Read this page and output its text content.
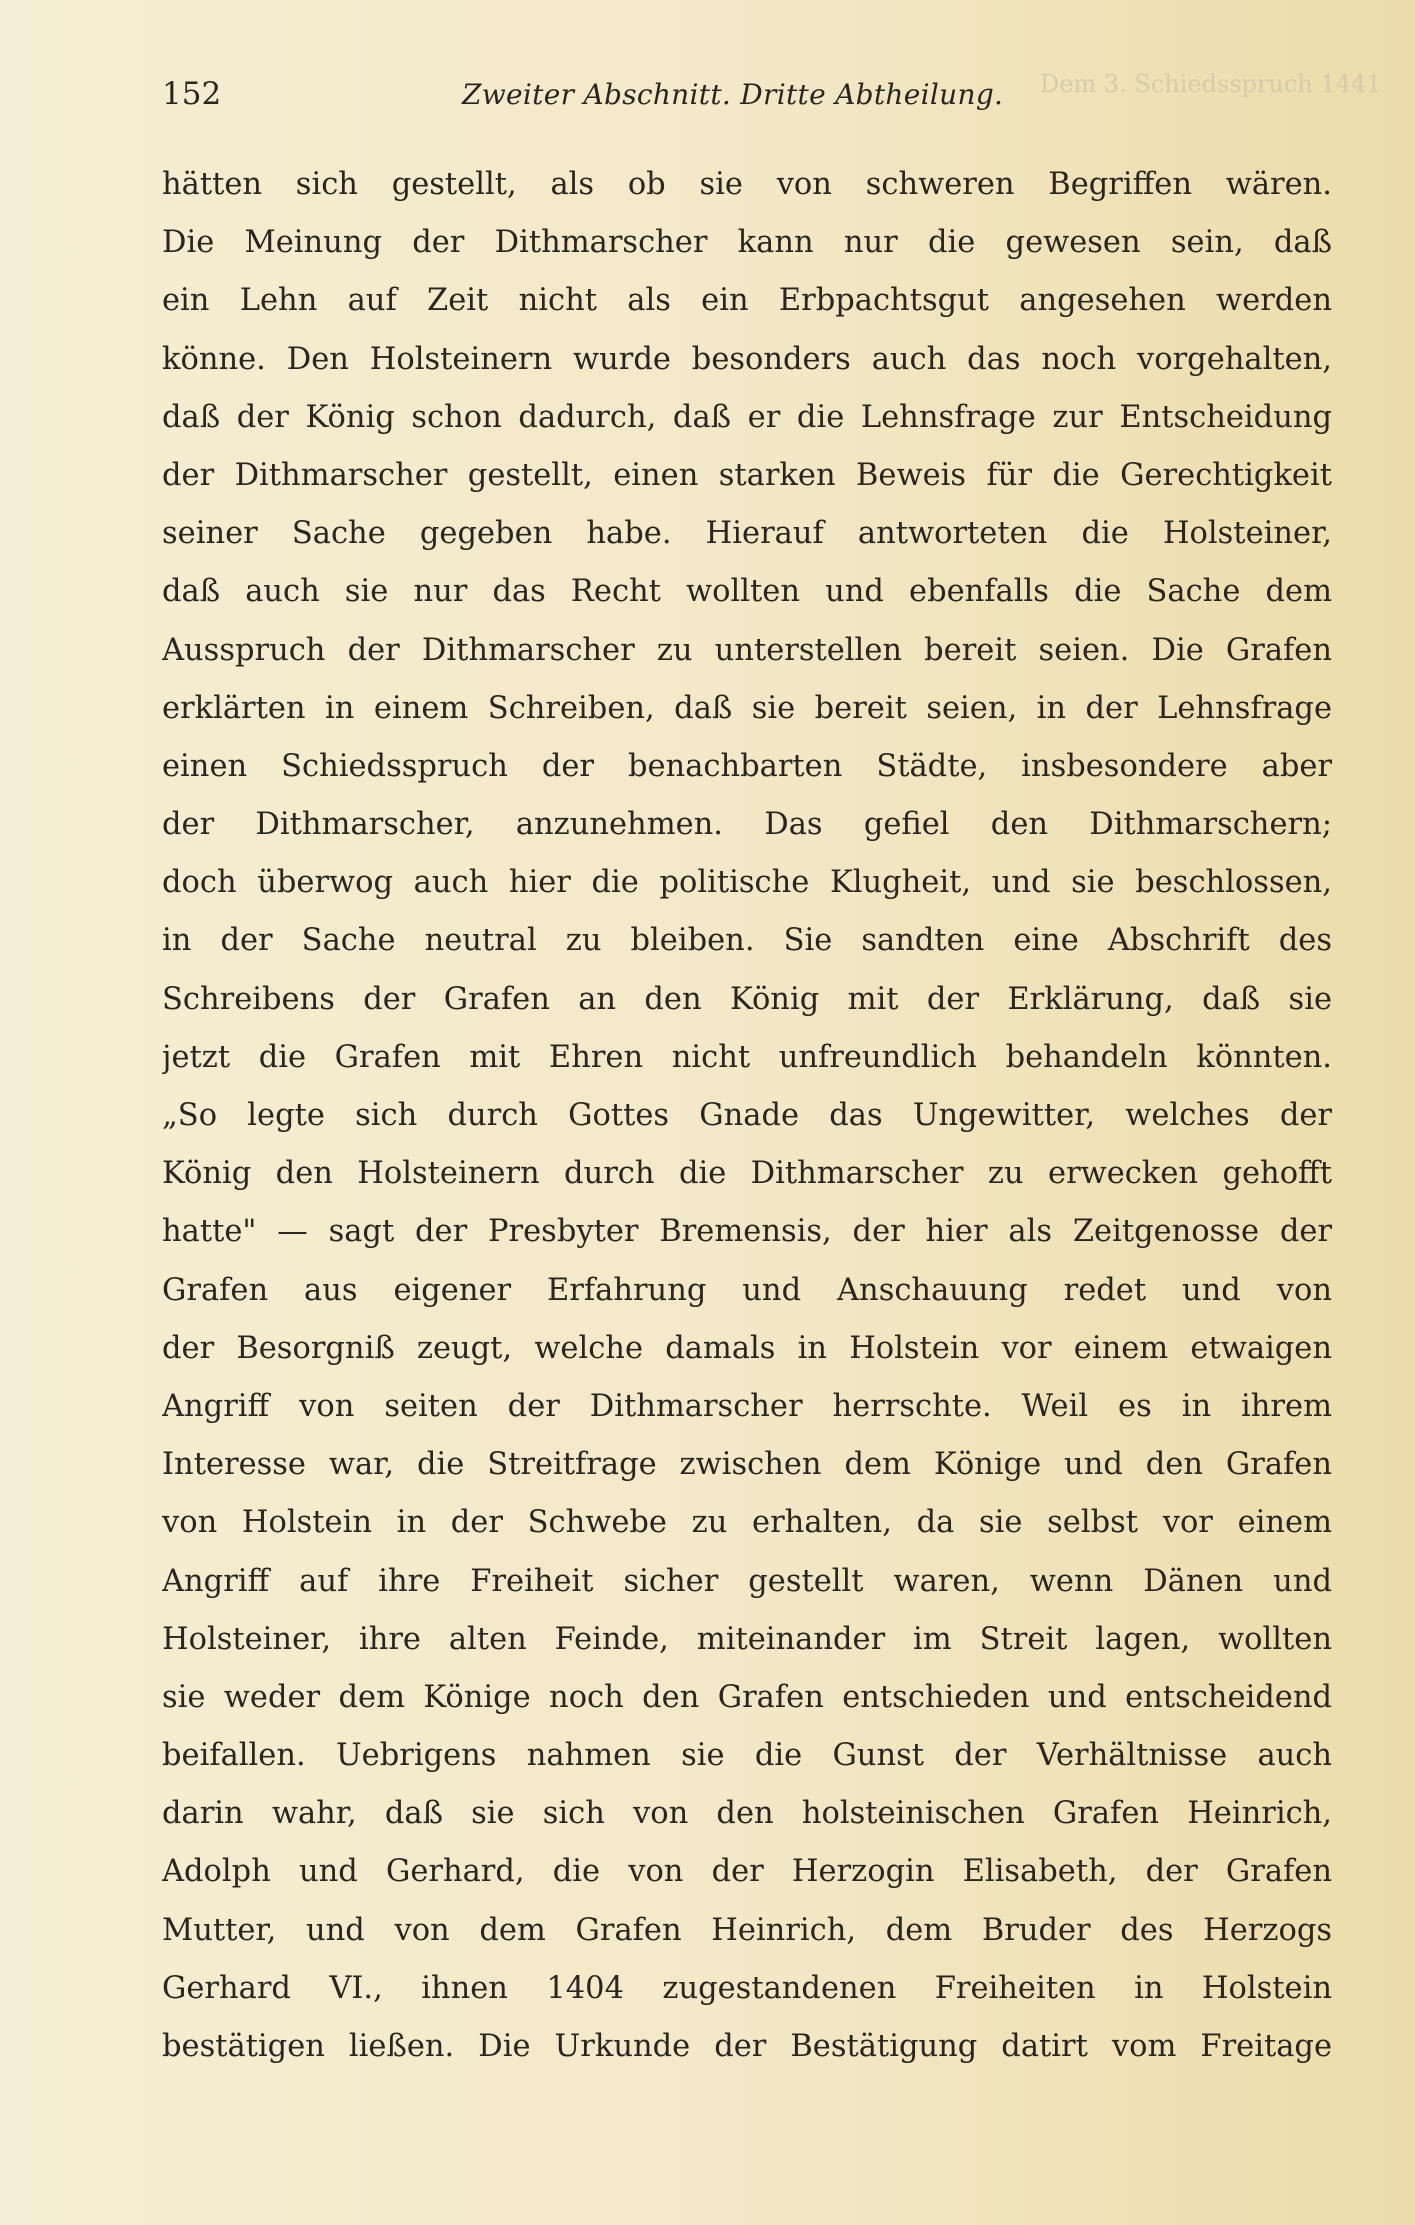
Dem 3. Schiedsspruch 1441
152	Zweiter Abschnitt. Dritte Abtheilung.
hätten sich gestellt, als ob sie von schweren Begriffen wären.
Die Meinung der Dithmarscher kann nur die gewesen sein, daß
ein Lehn auf Zeit nicht als ein Erbpachtsgut angesehen werden
könne. Den Holsteinern wurde besonders auch das noch vorgehalten,
daß der König schon dadurch, daß er die Lehnsfrage zur Entscheidung
der Dithmarscher gestellt, einen starken Beweis für die Gerechtigkeit
seiner Sache gegeben habe. Hierauf antworteten die Holsteiner,
daß auch sie nur das Recht wollten und ebenfalls die Sache dem
Ausspruch der Dithmarscher zu unterstellen bereit seien. Die Grafen
erklärten in einem Schreiben, daß sie bereit seien, in der Lehnsfrage
einen Schiedsspruch der benachbarten Städte, insbesondere aber
der Dithmarscher, anzunehmen. Das gefiel den Dithmarschern;
doch überwog auch hier die politische Klugheit, und sie beschlossen,
in der Sache neutral zu bleiben. Sie sandten eine Abschrift des
Schreibens der Grafen an den König mit der Erklärung, daß sie
jetzt die Grafen mit Ehren nicht unfreundlich behandeln könnten.
„So legte sich durch Gottes Gnade das Ungewitter, welches der
König den Holsteinern durch die Dithmarscher zu erwecken gehofft
hatte" — sagt der Presbyter Bremensis, der hier als Zeitgenosse der
Grafen aus eigener Erfahrung und Anschauung redet und von
der Besorgniß zeugt, welche damals in Holstein vor einem etwaigen
Angriff von seiten der Dithmarscher herrschte. Weil es in ihrem
Interesse war, die Streitfrage zwischen dem Könige und den Grafen
von Holstein in der Schwebe zu erhalten, da sie selbst vor einem
Angriff auf ihre Freiheit sicher gestellt waren, wenn Dänen und
Holsteiner, ihre alten Feinde, miteinander im Streit lagen, wollten
sie weder dem Könige noch den Grafen entschieden und entscheidend
beifallen. Uebrigens nahmen sie die Gunst der Verhältnisse auch
darin wahr, daß sie sich von den holsteinischen Grafen Heinrich,
Adolph und Gerhard, die von der Herzogin Elisabeth, der Grafen
Mutter, und von dem Grafen Heinrich, dem Bruder des Herzogs
Gerhard VI., ihnen 1404 zugestandenen Freiheiten in Holstein
bestätigen ließen. Die Urkunde der Bestätigung datirt vom Freitage
